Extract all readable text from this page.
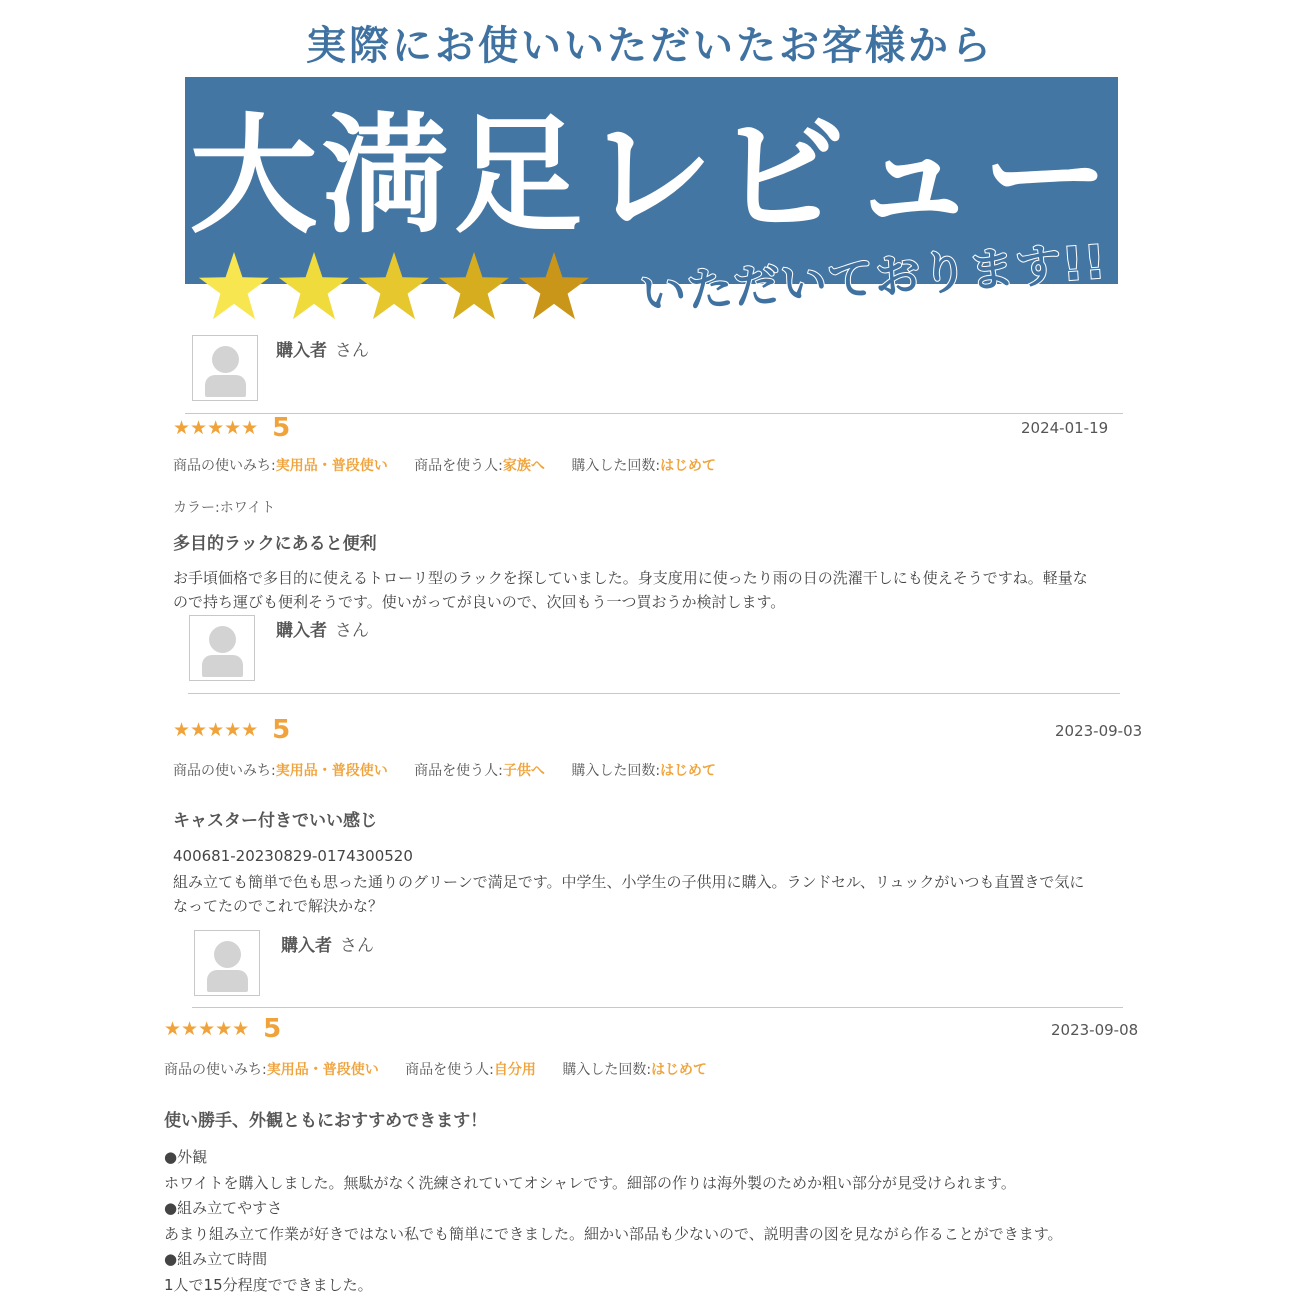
実際にお使いいただいたお客様から
大満足レビュー
いただいております!!
購入者 さん
★★★★★ 5	2024-01-19
商品の使いみち:実用品・普段使い 商品を使う人:家族へ 購入した回数:はじめて
カラー:ホワイト
多目的ラックにあると便利
お手頃価格で多目的に使えるトローリ型のラックを探していました。身支度用に使ったり雨の日の洗濯干しにも使えそうですね。軽量な
ので持ち運びも便利そうです。使いがってが良いので、次回もう一つ買おうか検討します。
購入者 さん
★★★★★ 5	2023-09-03
商品の使いみち:実用品・普段使い 商品を使う人:子供へ 購入した回数:はじめて
キャスター付きでいい感じ
400681-20230829-0174300520
組み立ても簡単で色も思った通りのグリーンで満足です。中学生、小学生の子供用に購入。ランドセル、リュックがいつも直置きで気に
なってたのでこれで解決かな？
購入者 さん
★★★★★ 5	2023-09-08
商品の使いみち:実用品・普段使い 商品を使う人:自分用 購入した回数:はじめて
使い勝手、外観ともにおすすめできます！
●外観
ホワイトを購入しました。無駄がなく洗練されていてオシャレです。細部の作りは海外製のためか粗い部分が見受けられます。
●組み立てやすさ
あまり組み立て作業が好きではない私でも簡単にできました。細かい部品も少ないので、説明書の図を見ながら作ることができます。
●組み立て時間
1人で15分程度でできました。
